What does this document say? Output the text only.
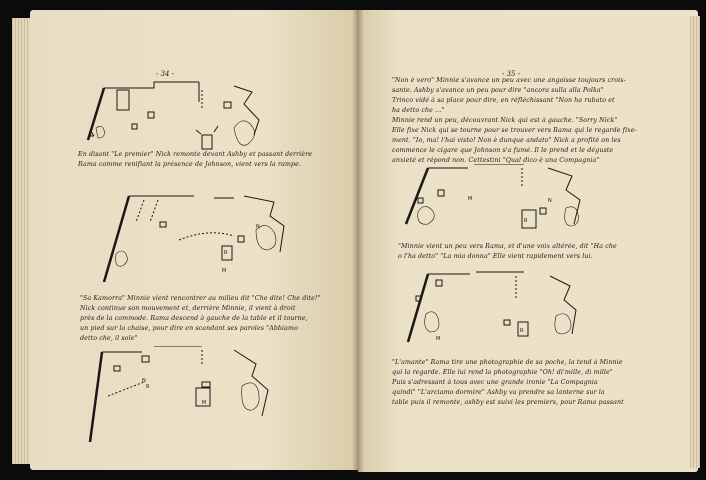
- 34 -
En disant "Le premier" Nick remonte devant Ashby et passant derrière
Rama comme renifiant la présence de Johnson, vient vers la rampe.
M
R
N
"Sa Kamorra" Minnie vient rencontrer au milieu dit "Che dite! Che dite!"
Nick continue son mouvement et, derrière Minnie, il vient à droit
près de la commode. Rama descend à gauche de la table et il tourne,
un pied sur la chaise, pour dire en scandant ses paroles "Abbiamo
detto che, il sole"
N
R
M
- 35 -
"Non è vero" Minnie s'avance un peu avec une angoisse toujours crois-
sante. Ashby s'avance un peu pour dire "ancora sulla alla Polka"
Trinco vidé à sa place pour dire, en réfléchissant "Non ha rubato et
ha detto che ..."
Minnie rend un peu, découvrant Nick qui est à gauche. "Sorry Nick"
Elle fixe Nick qui se tourne pour se trouver vers Rama qui le regarde fixe-
ment. "Io, ma! l'hai visto! Non è dunque andato" Nick a profité on les
commence le cigare que Johnson s'a fumé. Il le prend et le déguste
anxieté et répond non. Cettestini "Qual dico è una Compagnia"
M
R
N
"Minnie vient un peu vers Rama, et d'une voix altérée, dit "Ha che
o l'ha detto" "La mia donna" Elle vient rapidement vers lui.
M
R
"L'amante" Rama tire une photographie de sa poche, la tend à Minnie
qui la regarde. Elle lui rend la photographie "Oh! di'mille, di mille"
Puis s'adressant à tous avec une grande ironie "La Compagnia
quindi" "L'arciamo dormire" Ashby va prendre sa lanterne sur la
table puis il remonte, ashby est suivi les premiers, pour Rama passant
